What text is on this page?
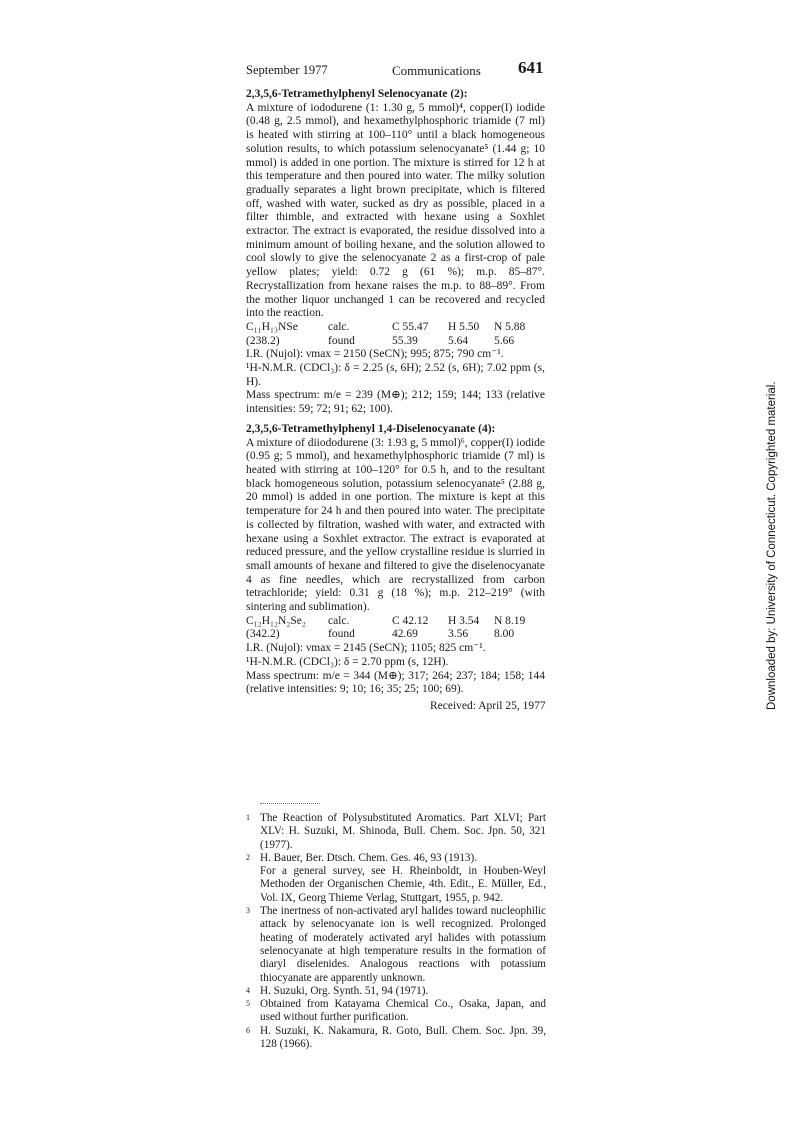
September 1977	Communications 641

2,3,5,6-Tetramethylphenyl Selenocyanate (2):

A mixture of iododurene (1: 1.30 g, 5 mmol)⁴, copper(I) iodide (0.48 g, 2.5 mmol), and hexamethylphosphoric triamide (7 ml) is heated with stirring at 100–110° until a black homogeneous solution results, to which potassium selenocyanate⁵ (1.44 g; 10 mmol) is added in one portion. The mixture is stirred for 12 h at this temperature and then poured into water. The milky solution gradually separates a light brown precipitate, which is filtered off, washed with water, sucked as dry as possible, placed in a filter thimble, and extracted with hexane using a Soxhlet extractor. The extract is evaporated, the residue dissolved into a minimum amount of boiling hexane, and the solution allowed to cool slowly to give the selenocyanate 2 as a first-crop of pale yellow plates; yield: 0.72 g (61 %); m.p. 85–87°. Recrystallization from hexane raises the m.p. to 88–89°. From the mother liquor unchanged 1 can be recovered and recycled into the reaction.

C₁₁H₁₃NSe	calc.	C 55.47	H 5.50	N 5.88
(238.2)	found	55.39	5.64	5.66

I.R. (Nujol): νmax = 2150 (SeCN); 995; 875; 790 cm⁻¹.

¹H-N.M.R. (CDCl₃): δ = 2.25 (s, 6H); 2.52 (s, 6H); 7.02 ppm (s, H).

Mass spectrum: m/e = 239 (M⊕); 212; 159; 144; 133 (relative intensities: 59; 72; 91; 62; 100).

2,3,5,6-Tetramethylphenyl 1,4-Diselenocyanate (4):

A mixture of diiododurene (3: 1.93 g, 5 mmol)⁶, copper(I) iodide (0.95 g; 5 mmol), and hexamethylphosphoric triamide (7 ml) is heated with stirring at 100–120° for 0.5 h, and to the resultant black homogeneous solution, potassium selenocyanate⁵ (2.88 g, 20 mmol) is added in one portion. The mixture is kept at this temperature for 24 h and then poured into water. The precipitate is collected by filtration, washed with water, and extracted with hexane using a Soxhlet extractor. The extract is evaporated at reduced pressure, and the yellow crystalline residue is slurried in small amounts of hexane and filtered to give the diselenocyanate 4 as fine needles, which are recrystallized from carbon tetrachloride; yield: 0.31 g (18 %); m.p. 212–219° (with sintering and sublimation).

C₁₂H₁₂N₂Se₂	calc.	C 42.12	H 3.54	N 8.19
(342.2)	found	42.69	3.56	8.00

I.R. (Nujol): νmax = 2145 (SeCN); 1105; 825 cm⁻¹.

¹H-N.M.R. (CDCl₃): δ = 2.70 ppm (s, 12H).

Mass spectrum: m/e = 344 (M⊕); 317; 264; 237; 184; 158; 144 (relative intensities: 9; 10; 16; 35; 25; 100; 69).

Received: April 25, 1977
1 The Reaction of Polysubstituted Aromatics. Part XLVI; Part XLV: H. Suzuki, M. Shinoda, Bull. Chem. Soc. Jpn. 50, 321 (1977).
2 H. Bauer, Ber. Dtsch. Chem. Ges. 46, 93 (1913).
For a general survey, see H. Rheinboldt, in Houben-Weyl Methoden der Organischen Chemie, 4th. Edit., E. Müller, Ed., Vol. IX, Georg Thieme Verlag, Stuttgart, 1955, p. 942.
3 The inertness of non-activated aryl halides toward nucleophilic attack by selenocyanate ion is well recognized. Prolonged heating of moderately activated aryl halides with potassium selenocyanate at high temperature results in the formation of diaryl diselenides. Analogous reactions with potassium thiocyanate are apparently unknown.
4 H. Suzuki, Org. Synth. 51, 94 (1971).
5 Obtained from Katayama Chemical Co., Osaka, Japan, and used without further purification.
6 H. Suzuki, K. Nakamura, R. Goto, Bull. Chem. Soc. Jpn. 39, 128 (1966).
Downloaded by: University of Connecticut. Copyrighted material.
